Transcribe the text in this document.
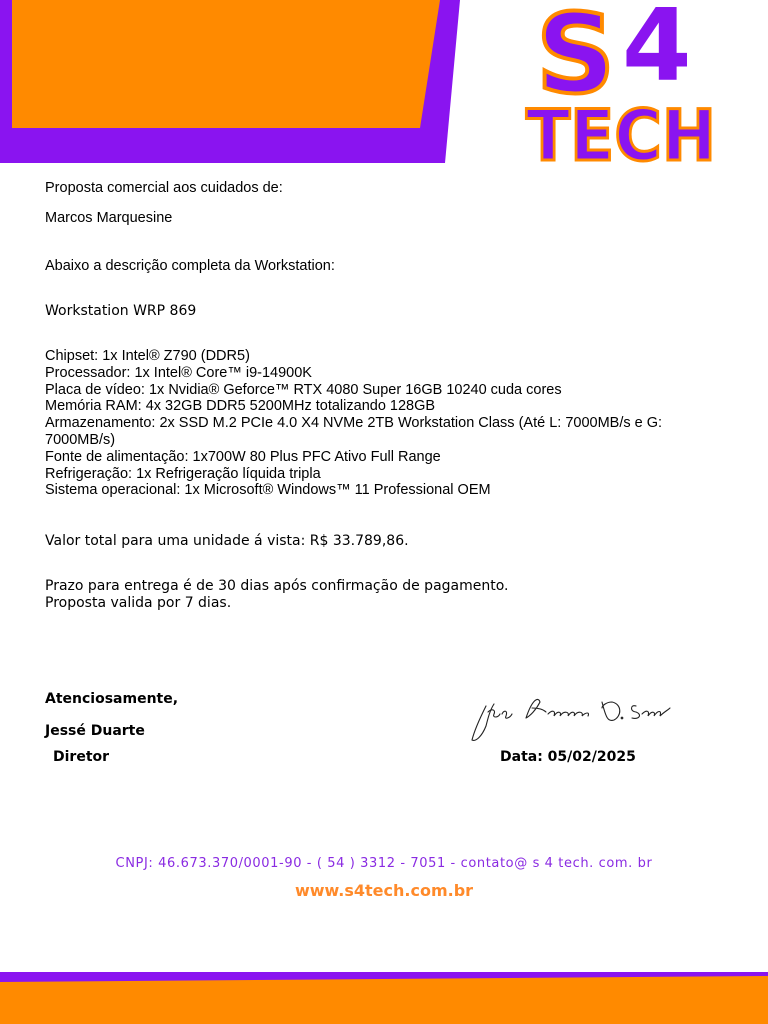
S 4
TECH
Proposta comercial aos cuidados de:
Marcos Marquesine
Abaixo a descrição completa da Workstation:
Workstation WRP 869
Chipset: 1x Intel® Z790 (DDR5)
Processador: 1x Intel® Core™ i9-14900K
Placa de vídeo: 1x Nvidia® Geforce™ RTX 4080 Super 16GB 10240 cuda cores
Memória RAM: 4x 32GB DDR5 5200MHz totalizando 128GB
Armazenamento: 2x SSD M.2 PCIe 4.0 X4 NVMe 2TB Workstation Class (Até L: 7000MB/s e G:
7000MB/s)
Fonte de alimentação: 1x700W 80 Plus PFC Ativo Full Range
Refrigeração: 1x Refrigeração líquida tripla
Sistema operacional: 1x Microsoft® Windows™ 11 Professional OEM
Valor total para uma unidade á vista: R$ 33.789,86.
Prazo para entrega é de 30 dias após confirmação de pagamento.
Proposta valida por 7 dias.
Atenciosamente,
Jessé Duarte
Diretor	Data: 05/02/2025
CNPJ: 46.673.370/0001-90 - ( 54 ) 3312 - 7051 - contato@ s 4 tech. com. br
www.s4tech.com.br
